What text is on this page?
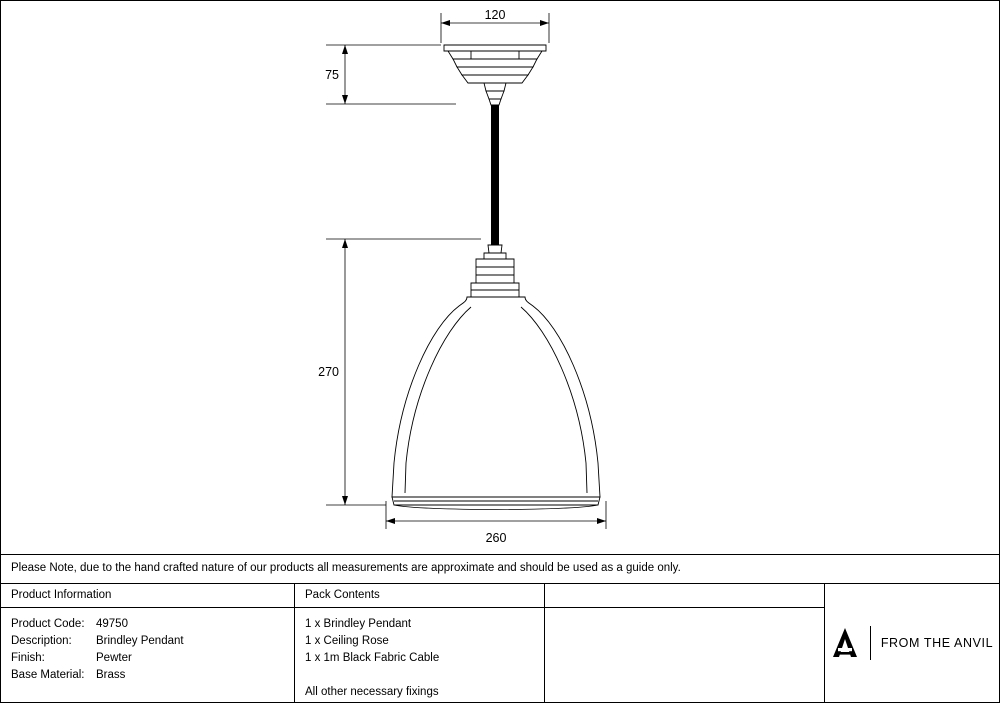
120
75
270
260
Please Note, due to the hand crafted nature of our products all measurements are approximate and should be used as a guide only.
Product Information
Product Code: 49750
Description:	Brindley Pendant
Finish:	Pewter
Base Material: Brass
Pack Contents
1 x Brindley Pendant
1 x Ceiling Rose
1 x 1m Black Fabric Cable
All other necessary fixings
FROM THE ANVIL
